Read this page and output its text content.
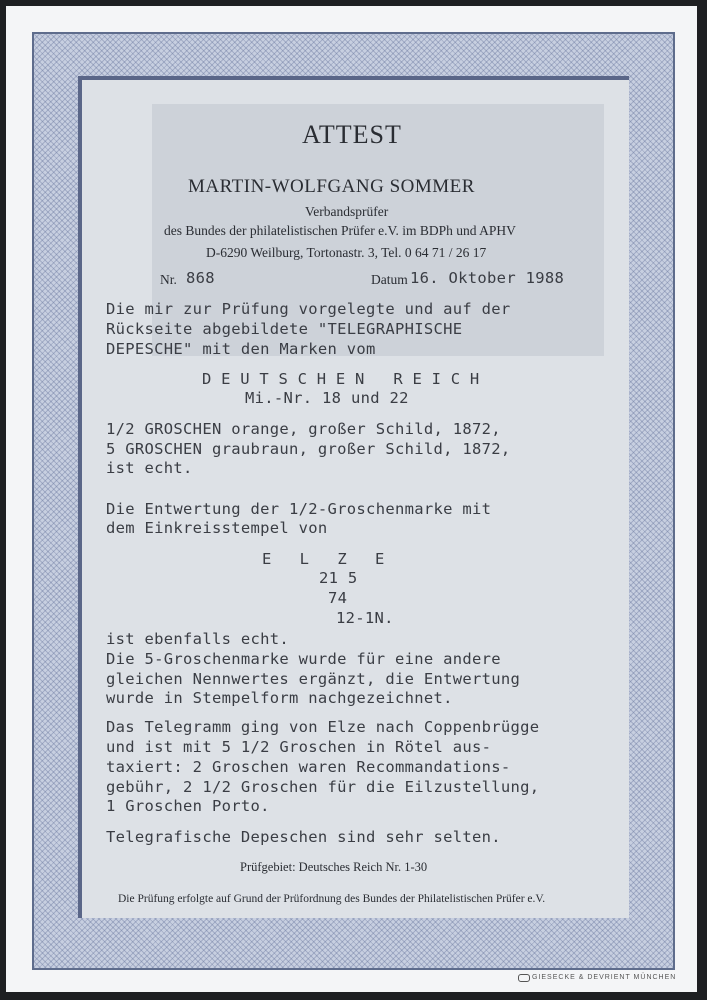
ATTEST
MARTIN-WOLFGANG SOMMER
Verbandsprüfer
des Bundes der philatelistischen Prüfer e.V. im BDPh und APHV
D-6290 Weilburg, Tortonastr. 3, Tel. 0 64 71 / 26 17
Nr. 868	Datum 16. Oktober 1988
Die mir zur Prüfung vorgelegte und auf der
Rückseite abgebildete "TELEGRAPHISCHE
DEPESCHE" mit den Marken vom
DEUTSCHEN REICH
Mi.-Nr. 18 und 22
1/2 GROSCHEN orange, großer Schild, 1872,
5 GROSCHEN graubraun, großer Schild, 1872,
ist echt.
Die Entwertung der 1/2-Groschenmarke mit
dem Einkreisstempel von
E L Z E
21 5
74
12-1N.
ist ebenfalls echt.
Die 5-Groschenmarke wurde für eine andere
gleichen Nennwertes ergänzt, die Entwertung
wurde in Stempelform nachgezeichnet.
Das Telegramm ging von Elze nach Coppenbrügge
und ist mit 5 1/2 Groschen in Rötel aus-
taxiert: 2 Groschen waren Recommandations-
gebühr, 2 1/2 Groschen für die Eilzustellung,
1 Groschen Porto.
Telegrafische Depeschen sind sehr selten.
Prüfgebiet: Deutsches Reich Nr. 1-30
Die Prüfung erfolgte auf Grund der Prüfordnung des Bundes der Philatelistischen Prüfer e.V.
GIESECKE & DEVRIENT MÜNCHEN
